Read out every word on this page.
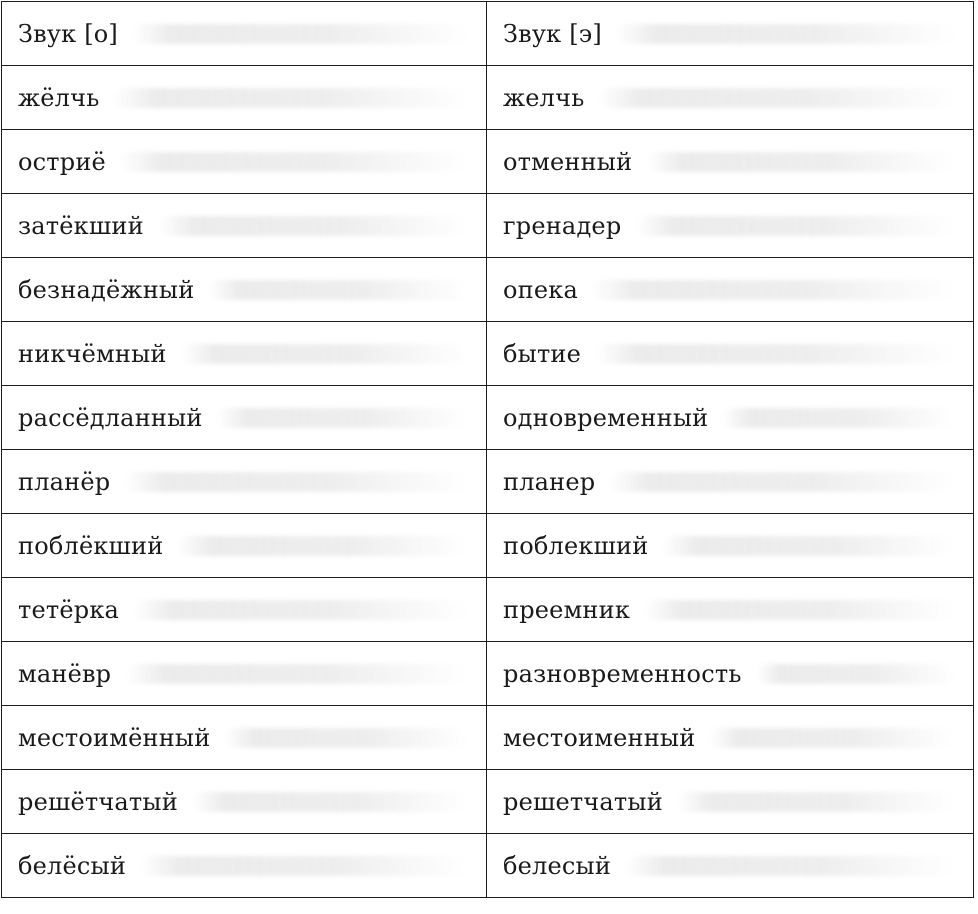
Звук [о]	Звук [э]

жёлчь	желчь

остриё	отменный

затёкший	гренадер

безнадёжный	опека

никчёмный	бытие

рассёдланный	одновременный

планёр	планер

поблёкший	поблекший

тетёрка	преемник

манёвр	разновременность

местоимённый	местоименный

решётчатый	решетчатый

белёсый	белесый
